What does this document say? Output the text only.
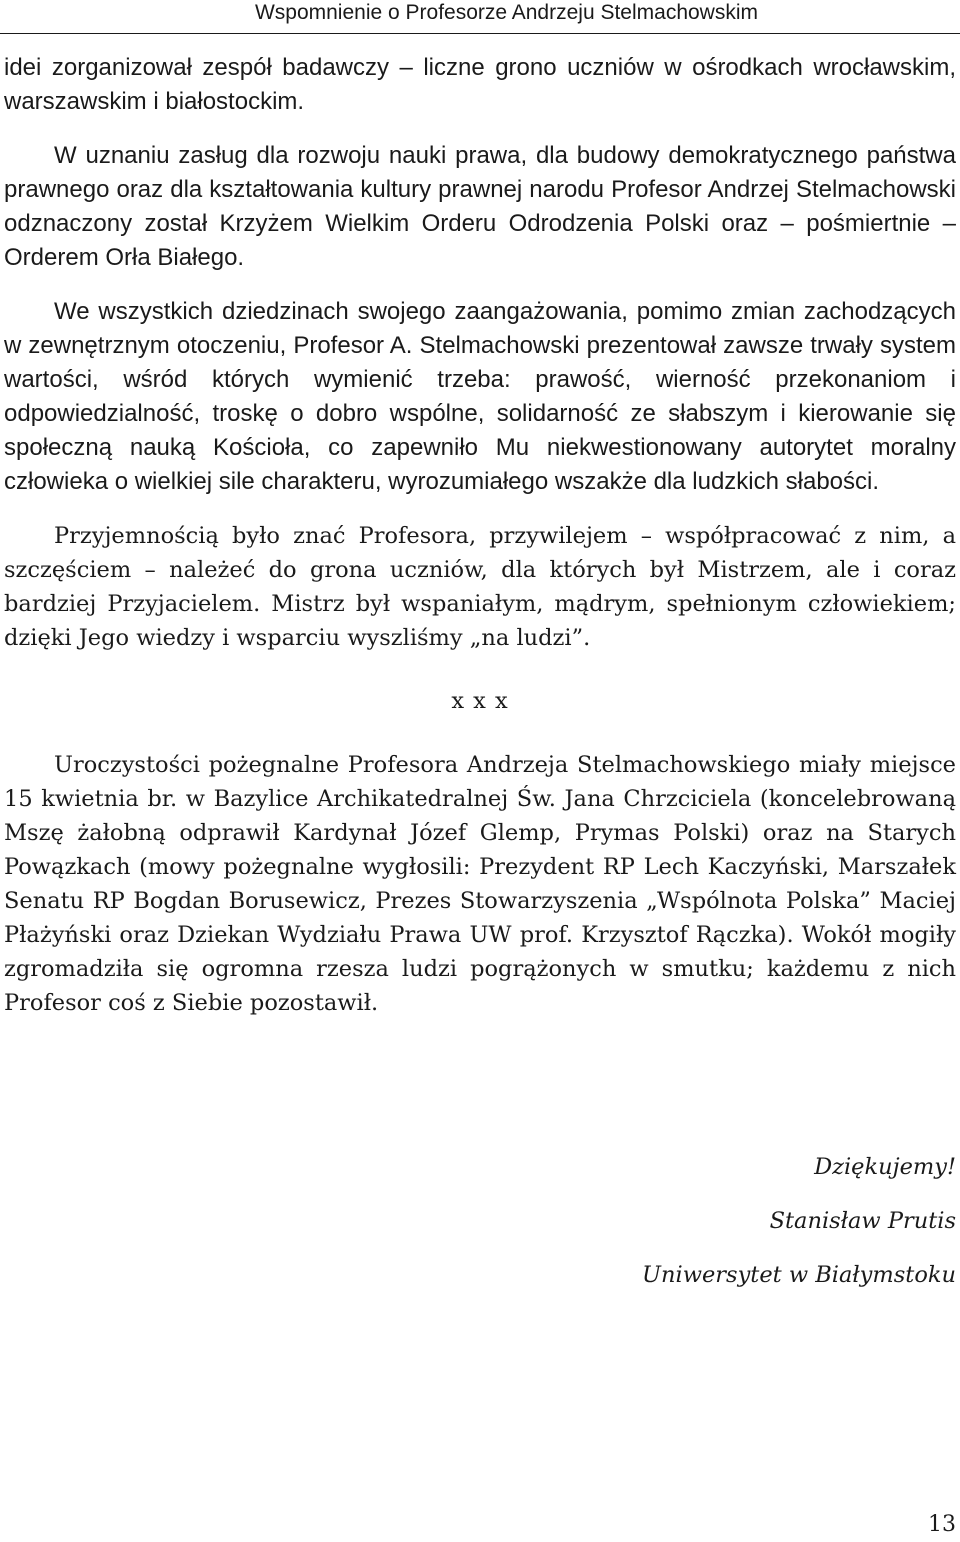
Wspomnienie o Profesorze Andrzeju Stelmachowskim

idei zorganizował zespół badawczy – liczne grono uczniów w ośrodkach wrocławskim, warszawskim i białostockim.

W uznaniu zasług dla rozwoju nauki prawa, dla budowy demokratycznego państwa prawnego oraz dla kształtowania kultury prawnej narodu Profesor Andrzej Stelmachowski odznaczony został Krzyżem Wielkim Orderu Odrodzenia Polski oraz – pośmiertnie – Orderem Orła Białego.

We wszystkich dziedzinach swojego zaangażowania, pomimo zmian zachodzących w zewnętrznym otoczeniu, Profesor A. Stelmachowski prezentował zawsze trwały system wartości, wśród których wymienić trzeba: prawość, wierność przekonaniom i odpowiedzialność, troskę o dobro wspólne, solidarność ze słabszym i kierowanie się społeczną nauką Kościoła, co zapewniło Mu niekwestionowany autorytet moralny człowieka o wielkiej sile charakteru, wyrozumiałego wszakże dla ludzkich słabości.

Przyjemnością było znać Profesora, przywilejem – współpracować z nim, a szczęściem – należeć do grona uczniów, dla których był Mistrzem, ale i coraz bardziej Przyjacielem. Mistrz był wspaniałym, mądrym, spełnionym człowiekiem; dzięki Jego wiedzy i wsparciu wyszliśmy „na ludzi”.

x x x

Uroczystości pożegnalne Profesora Andrzeja Stelmachowskiego miały miejsce 15 kwietnia br. w Bazylice Archikatedralnej Św. Jana Chrzciciela (koncelebrowaną Mszę żałobną odprawił Kardynał Józef Glemp, Prymas Polski) oraz na Starych Powązkach (mowy pożegnalne wygłosili: Prezydent RP Lech Kaczyński, Marszałek Senatu RP Bogdan Borusewicz, Prezes Stowarzyszenia „Wspólnota Polska” Maciej Płażyński oraz Dziekan Wydziału Prawa UW prof. Krzysztof Rączka). Wokół mogiły zgromadziła się ogromna rzesza ludzi pogrążonych w smutku; każdemu z nich Profesor coś z Siebie pozostawił.

Dziękujemy!
Stanisław Prutis
Uniwersytet w Białymstoku
13
